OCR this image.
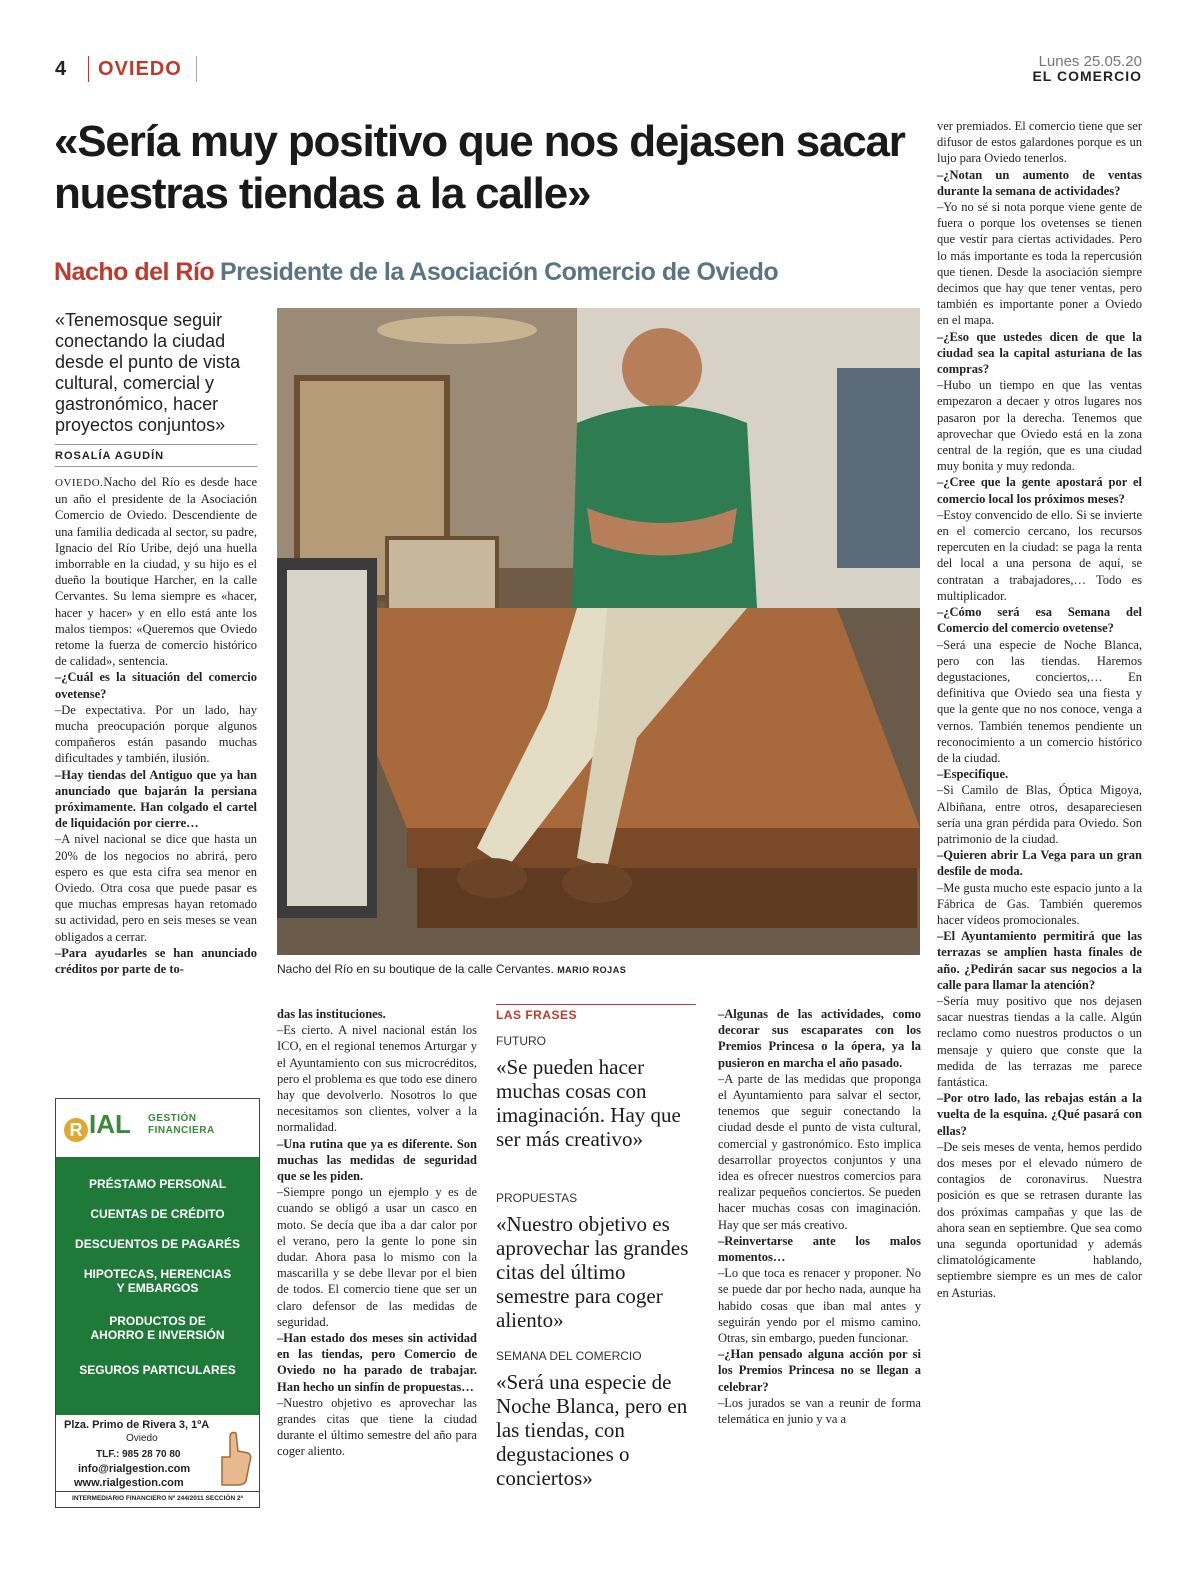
4 OVIEDO	Lunes 25.05.20
EL COMERCIO
«Sería muy positivo que nos dejasen sacar nuestras tiendas a la calle»
Nacho del Río Presidente de la Asociación Comercio de Oviedo
«Tenemosque seguir conectando la ciudad desde el punto de vista cultural, comercial y gastronómico, hacer proyectos conjuntos»
ROSALÍA AGUDÍN

OVIEDO.Nacho del Río es desde hace un año el presidente de la Asociación Comercio de Oviedo. Descendiente de una familia dedicada al sector, su padre, Ignacio del Río Uribe, dejó una huella imborrable en la ciudad, y su hijo es el dueño la boutique Harcher, en la calle Cervantes. Su lema siempre es «hacer, hacer y hacer» y en ello está ante los malos tiempos: «Queremos que Oviedo retome la fuerza de comercio histórico de calidad», sentencia.

–¿Cuál es la situación del comercio ovetense?

–De expectativa. Por un lado, hay mucha preocupación porque algunos compañeros están pasando muchas dificultades y también, ilusión.

–Hay tiendas del Antiguo que ya han anunciado que bajarán la persiana próximamente. Han colgado el cartel de liquidación por cierre…

–A nivel nacional se dice que hasta un 20% de los negocios no abrirá, pero espero es que esta cifra sea menor en Oviedo. Otra cosa que puede pasar es que muchas empresas hayan retomado su actividad, pero en seis meses se vean obligados a cerrar.

–Para ayudarles se han anunciado créditos por parte de to-	Nacho del Río en su boutique de la calle Cervantes. MARIO ROJAS

das las instituciones.

–Es cierto. A nivel nacional están los ICO, en el regional tenemos Arturgar y el Ayuntamiento con sus microcréditos, pero el problema es que todo ese dinero hay que devolverlo. Nosotros lo que necesitamos son clientes, volver a la normalidad.

–Una rutina que ya es diferente. Son muchas las medidas de seguridad que se les piden.

–Siempre pongo un ejemplo y es de cuando se obligó a usar un casco en moto. Se decía que iba a dar calor por el verano, pero la gente lo pone sin dudar. Ahora pasa lo mismo con la mascarilla y se debe llevar por el bien de todos. El comercio tiene que ser un claro defensor de las medidas de seguridad.

–Han estado dos meses sin actividad en las tiendas, pero Comercio de Oviedo no ha parado de trabajar. Han hecho un sinfín de propuestas…

–Nuestro objetivo es aprovechar las grandes citas que tiene la ciudad durante el último semestre del año para coger aliento.

LAS FRASES
FUTURO
«Se pueden hacer muchas cosas con imaginación. Hay que ser más creativo»
PROPUESTAS
«Nuestro objetivo es aprovechar las grandes citas del último semestre para coger aliento»
SEMANA DEL COMERCIO
«Será una especie de Noche Blanca, pero en las tiendas, con degustaciones o conciertos»

–Algunas de las actividades, como decorar sus escaparates con los Premios Princesa o la ópera, ya la pusieron en marcha el año pasado.

–A parte de las medidas que proponga el Ayuntamiento para salvar el sector, tenemos que seguir conectando la ciudad desde el punto de vista cultural, comercial y gastronómico. Esto implica desarrollar proyectos conjuntos y una idea es ofrecer nuestros comercios para realizar pequeños conciertos. Se pueden hacer muchas cosas con imaginación. Hay que ser más creativo.

–Reinvertarse ante los malos momentos…

–Lo que toca es renacer y proponer. No se puede dar por hecho nada, aunque ha habido cosas que iban mal antes y seguirán yendo por el mismo camino. Otras, sin embargo, pueden funcionar.

–¿Han pensado alguna acción por si los Premios Princesa no se llegan a celebrar?

–Los jurados se van a reunir de forma telemática en junio y va a

ver premiados. El comercio tiene que ser difusor de estos galardones porque es un lujo para Oviedo tenerlos.

–¿Notan un aumento de ventas durante la semana de actividades?

–Yo no sé si nota porque viene gente de fuera o porque los ovetenses se tienen que vestir para ciertas actividades. Pero lo más importante es toda la repercusión que tienen. Desde la asociación siempre decimos que hay que tener ventas, pero también es importante poner a Oviedo en el mapa.

–¿Eso que ustedes dicen de que la ciudad sea la capital asturiana de las compras?

–Hubo un tiempo en que las ventas empezaron a decaer y otros lugares nos pasaron por la derecha. Tenemos que aprovechar que Oviedo está en la zona central de la región, que es una ciudad muy bonita y muy redonda.

–¿Cree que la gente apostará por el comercio local los próximos meses?

–Estoy convencido de ello. Si se invierte en el comercio cercano, los recursos repercuten en la ciudad: se paga la renta del local a una persona de aquí, se contratan a trabajadores,… Todo es multiplicador.

–¿Cómo será esa Semana del Comercio del comercio ovetense?

–Será una especie de Noche Blanca, pero con las tiendas. Haremos degustaciones, conciertos,… En definitiva que Oviedo sea una fiesta y que la gente que no nos conoce, venga a vernos. También tenemos pendiente un reconocimiento a un comercio histórico de la ciudad.

–Especifique.

–Si Camilo de Blas, Óptica Migoya, Albiñana, entre otros, desapareciesen sería una gran pérdida para Oviedo. Son patrimonio de la ciudad.

–Quieren abrir La Vega para un gran desfile de moda.

–Me gusta mucho este espacio junto a la Fábrica de Gas. También queremos hacer vídeos promocionales.

–El Ayuntamiento permitirá que las terrazas se amplíen hasta finales de año. ¿Pedirán sacar sus negocios a la calle para llamar la atención?

–Sería muy positivo que nos dejasen sacar nuestras tiendas a la calle. Algún reclamo como nuestros productos o un mensaje y quiero que conste que la medida de las terrazas me parece fantástica.

–Por otro lado, las rebajas están a la vuelta de la esquina. ¿Qué pasará con ellas?

–De seis meses de venta, hemos perdido dos meses por el elevado número de contagios de coronavirus. Nuestra posición es que se retrasen durante las dos próximas campañas y que las de ahora sean en septiembre. Que sea como una segunda oportunidad y además climatológicamente hablando, septiembre siempre es un mes de calor en Asturias.

R IAL GESTIÓN FINANCIERA
PRÉSTAMO PERSONAL
CUENTAS DE CRÉDITO
DESCUENTOS DE PAGARÉS
HIPOTECAS, HERENCIAS Y EMBARGOS
PRODUCTOS DE AHORRO E INVERSIÓN
SEGUROS PARTICULARES
Plza. Primo de Rivera 3, 1ºA
Oviedo
TLF.: 985 28 70 80
info@rialgestion.com
www.rialgestion.com
INTERMEDIARIO FINANCIERO Nº 244/2011 SECCIÓN 2ª
